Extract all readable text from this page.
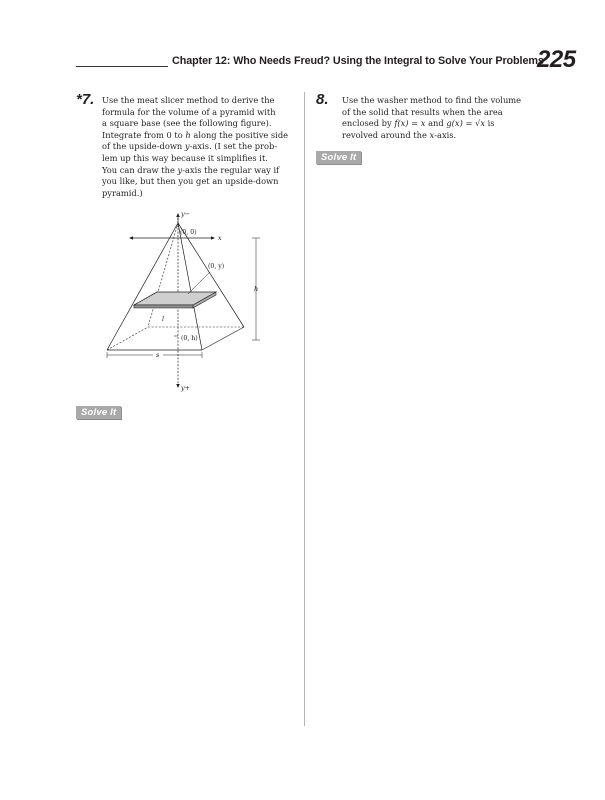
Chapter 12: Who Needs Freud? Using the Integral to Solve Your Problems
225
*7. Use the meat slicer method to derive the
formula for the volume of a pyramid with
a square base (see the following figure).
Integrate from 0 to h along the positive side
of the upside-down y-axis. (I set the prob-
lem up this way because it simplifies it.
You can draw the y-axis the regular way if
you like, but then you get an upside-down
pyramid.)
y−
y+
x
(0, 0)
(0, y)
(0, h)
h
l
s
Solve It
8. Use the washer method to find the volume
of the solid that results when the area
enclosed by f(x) = x and g(x) = √x is
revolved around the x-axis.
Solve It
